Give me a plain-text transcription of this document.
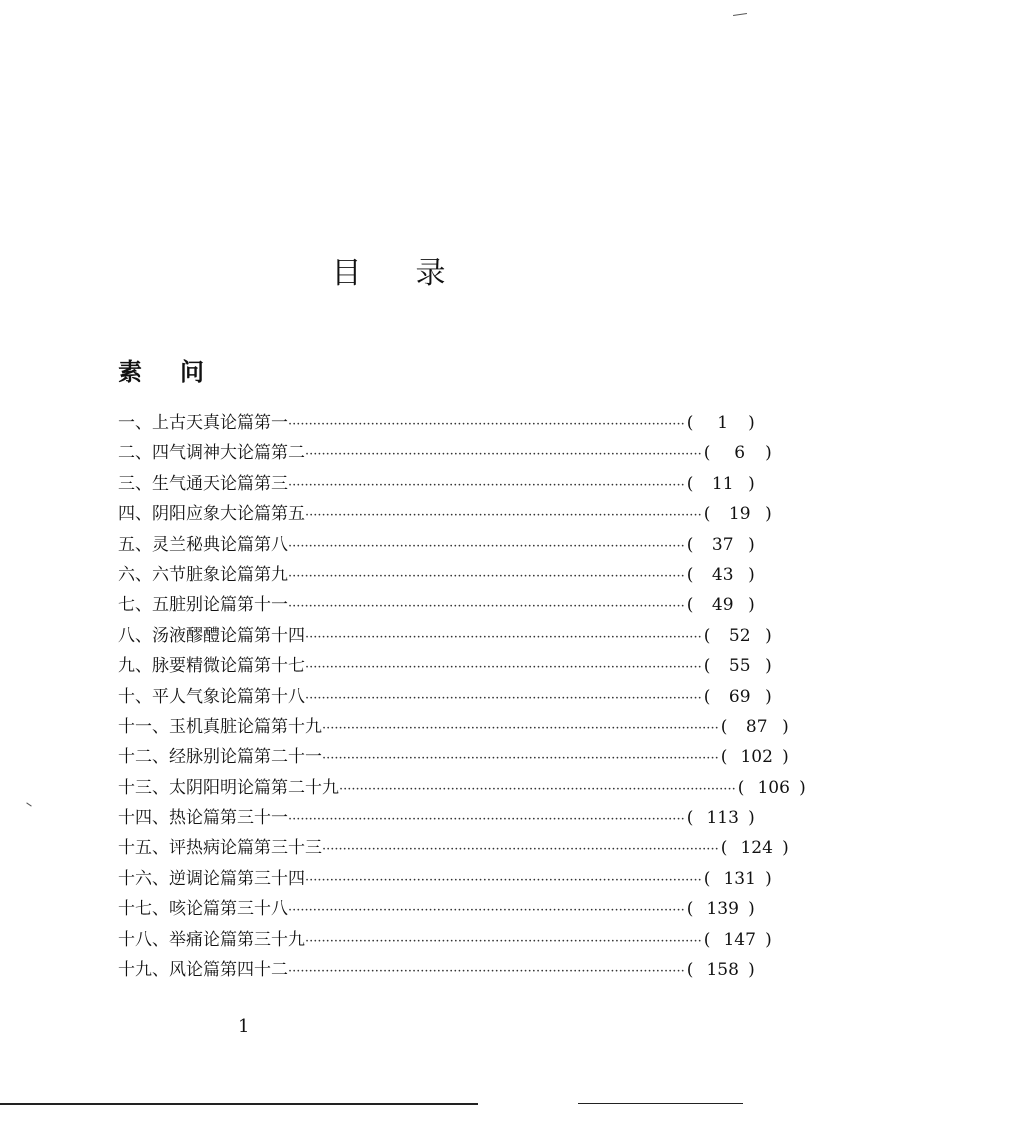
目录
素问
一、上古天真论篇第一 ································································································ (	1	)
二、四气调神大论篇第二 ································································································ (	6	)
三、生气通天论篇第三 ································································································ (	11 )
四、阴阳应象大论篇第五 ································································································ (	19 )
五、灵兰秘典论篇第八 ································································································ (	37 )
六、六节脏象论篇第九 ································································································ (	43 )
七、五脏别论篇第十一 ································································································ (	49 )
八、汤液醪醴论篇第十四 ································································································ (	52 )
九、脉要精微论篇第十七 ································································································ (	55 )
十、平人气象论篇第十八 ································································································ (	69 )
十一、玉机真脏论篇第十九 ································································································ (	87 )
十二、经脉别论篇第二十一 ································································································ ( 102 )
十三、太阴阳明论篇第二十九 ································································································ ( 106 )
十四、热论篇第三十一 ································································································ ( 113 )
十五、评热病论篇第三十三 ································································································ ( 124 )
十六、逆调论篇第三十四 ································································································ ( 131 )
十七、咳论篇第三十八 ································································································ ( 139 )
十八、举痛论篇第三十九 ································································································ ( 147 )
十九、风论篇第四十二 ································································································ ( 158 )
1
